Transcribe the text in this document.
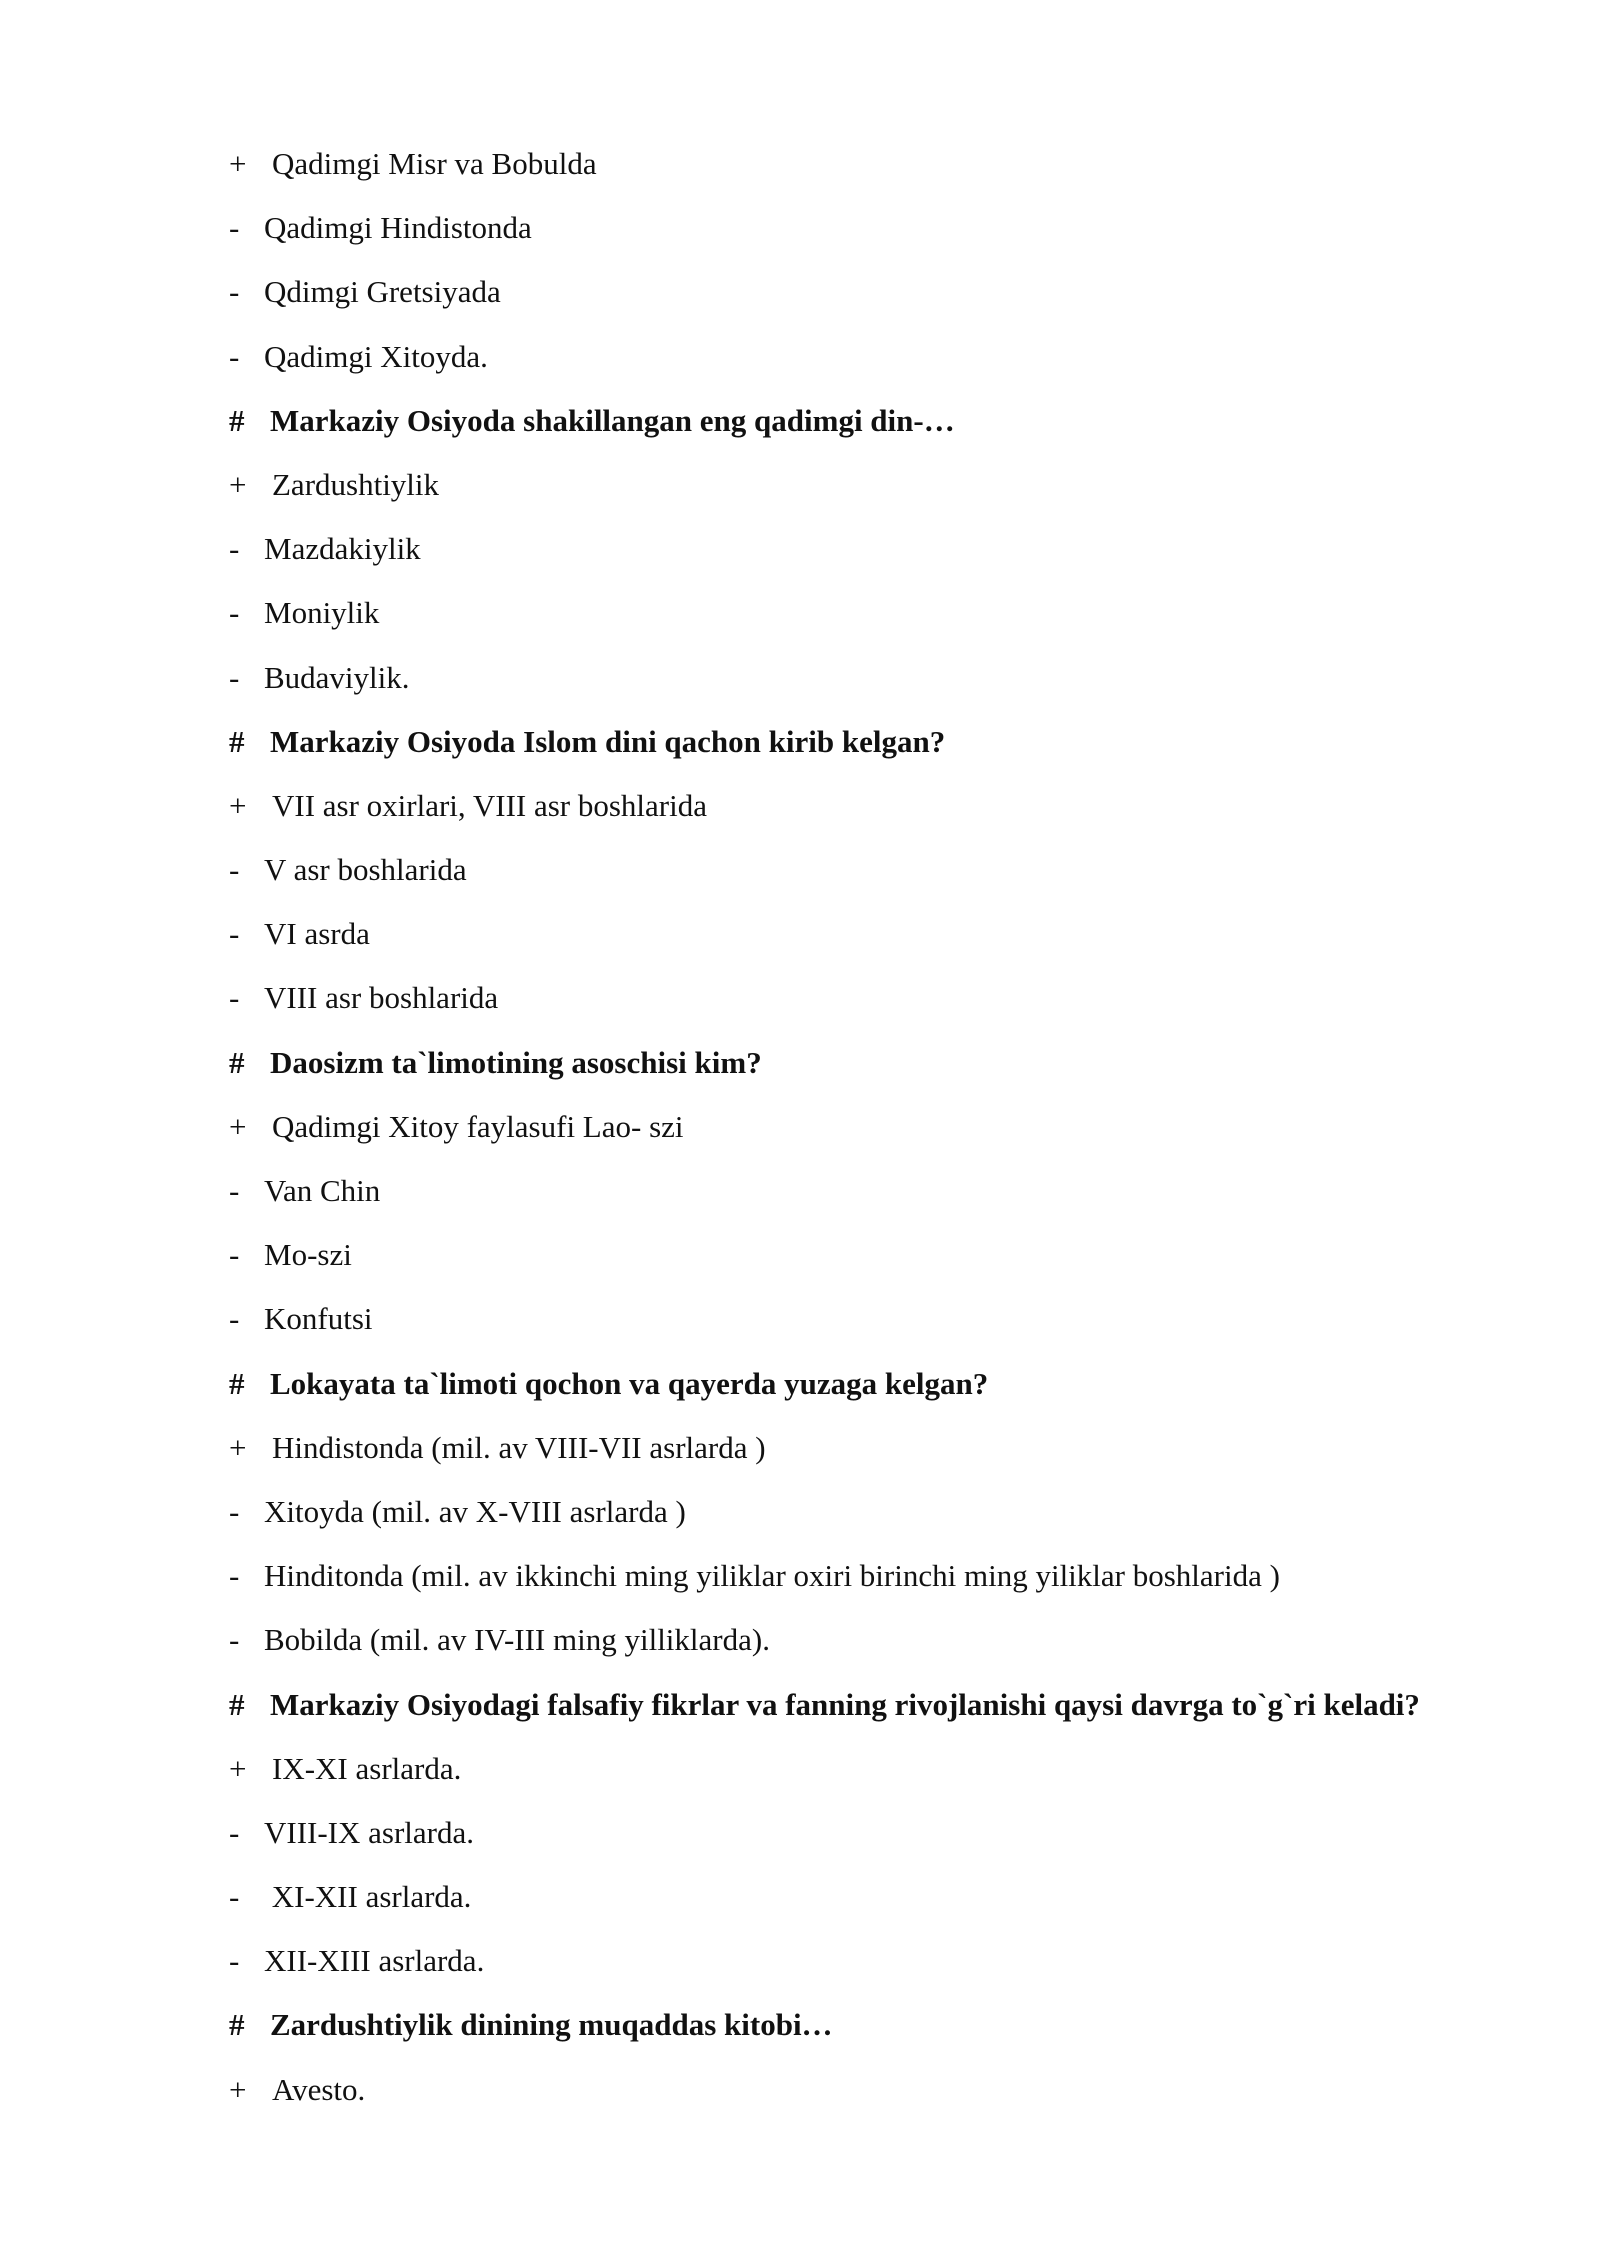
+ Qadimgi Misr va Bobulda
- Qadimgi Hindistonda
- Qdimgi Gretsiyada
- Qadimgi Xitoyda.
# Markaziy Osiyoda shakillangan eng qadimgi din-…
+ Zardushtiylik
- Mazdakiylik
- Moniylik
- Budaviylik.
# Markaziy Osiyoda Islom dini qachon kirib kelgan?
+ VII asr oxirlari, VIII asr boshlarida
- V asr boshlarida
- VI asrda
- VIII asr boshlarida
# Daosizm ta`limotining asoschisi kim?
+ Qadimgi Xitoy faylasufi Lao- szi
- Van Chin
- Mo-szi
- Konfutsi
# Lokayata ta`limoti qochon va qayerda yuzaga kelgan?
+ Hindistonda (mil. av VIII-VII asrlarda )
- Xitoyda (mil. av X-VIII asrlarda )
- Hinditonda (mil. av ikkinchi ming yiliklar oxiri birinchi ming yiliklar boshlarida )
- Bobilda (mil. av IV-III ming yilliklarda).
# Markaziy Osiyodagi falsafiy fikrlar va fanning rivojlanishi qaysi davrga to`g`ri keladi?
+ IX-XI asrlarda.
- VIII-IX asrlarda.
- XI-XII asrlarda.
- XII-XIII asrlarda.
# Zardushtiylik dinining muqaddas kitobi…
+ Avesto.
